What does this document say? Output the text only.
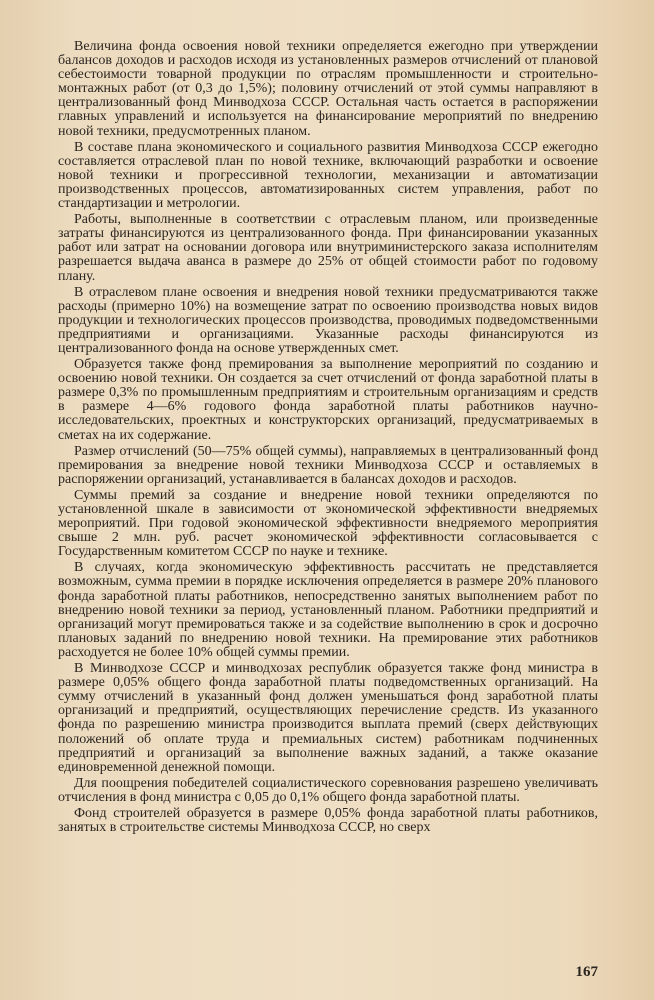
Величина фонда освоения новой техники определяется ежегодно при утверждении балансов доходов и расходов исходя из установленных размеров отчислений от плановой себестоимости товарной продукции по отраслям промышленности и строительно-монтажных работ (от 0,3 до 1,5%); половину отчислений от этой суммы направляют в централизованный фонд Минводхоза СССР. Остальная часть остается в распоряжении главных управлений и используется на финансирование мероприятий по внедрению новой техники, предусмотренных планом.

В составе плана экономического и социального развития Минводхоза СССР ежегодно составляется отраслевой план по новой технике, включающий разработки и освоение новой техники и прогрессивной технологии, механизации и автоматизации производственных процессов, автоматизированных систем управления, работ по стандартизации и метрологии.

Работы, выполненные в соответствии с отраслевым планом, или произведенные затраты финансируются из централизованного фонда. При финансировании указанных работ или затрат на основании договора или внутриминистерского заказа исполнителям разрешается выдача аванса в размере до 25% от общей стоимости работ по годовому плану.

В отраслевом плане освоения и внедрения новой техники предусматриваются также расходы (примерно 10%) на возмещение затрат по освоению производства новых видов продукции и технологических процессов производства, проводимых подведомственными предприятиями и организациями. Указанные расходы финансируются из централизованного фонда на основе утвержденных смет.

Образуется также фонд премирования за выполнение мероприятий по созданию и освоению новой техники. Он создается за счет отчислений от фонда заработной платы в размере 0,3% по промышленным предприятиям и строительным организациям и средств в размере 4—6% годового фонда заработной платы работников научно-исследовательских, проектных и конструкторских организаций, предусматриваемых в сметах на их содержание.

Размер отчислений (50—75% общей суммы), направляемых в централизованный фонд премирования за внедрение новой техники Минводхоза СССР и оставляемых в распоряжении организаций, устанавливается в балансах доходов и расходов.

Суммы премий за создание и внедрение новой техники определяются по установленной шкале в зависимости от экономической эффективности внедряемых мероприятий. При годовой экономической эффективности внедряемого мероприятия свыше 2 млн. руб. расчет экономической эффективности согласовывается с Государственным комитетом СССР по науке и технике.

В случаях, когда экономическую эффективность рассчитать не представляется возможным, сумма премии в порядке исключения определяется в размере 20% планового фонда заработной платы работников, непосредственно занятых выполнением работ по внедрению новой техники за период, установленный планом. Работники предприятий и организаций могут премироваться также и за содействие выполнению в срок и досрочно плановых заданий по внедрению новой техники. На премирование этих работников расходуется не более 10% общей суммы премии.

В Минводхозе СССР и минводхозах республик образуется также фонд министра в размере 0,05% общего фонда заработной платы подведомственных организаций. На сумму отчислений в указанный фонд должен уменьшаться фонд заработной платы организаций и предприятий, осуществляющих перечисление средств. Из указанного фонда по разрешению министра производится выплата премий (сверх действующих положений об оплате труда и премиальных систем) работникам подчиненных предприятий и организаций за выполнение важных заданий, а также оказание единовременной денежной помощи.

Для поощрения победителей социалистического соревнования разрешено увеличивать отчисления в фонд министра с 0,05 до 0,1% общего фонда заработной платы.

Фонд строителей образуется в размере 0,05% фонда заработной платы работников, занятых в строительстве системы Минводхоза СССР, но сверх

167
